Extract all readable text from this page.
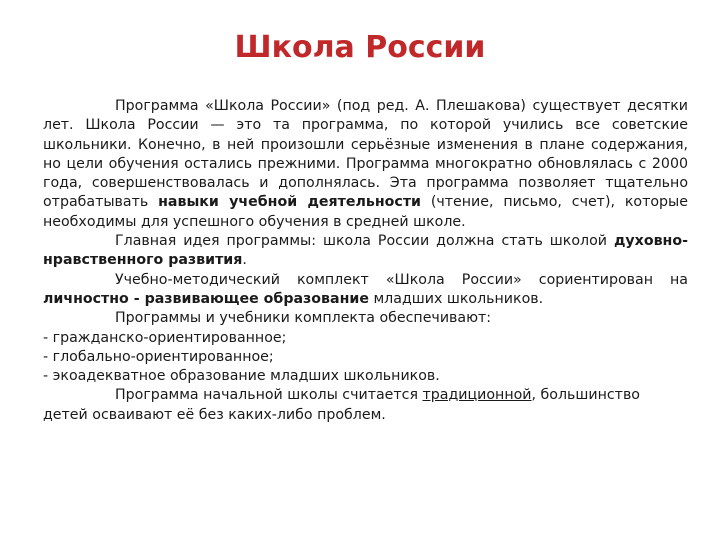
Школа России

Программа «Школа России» (под ред. А. Плешакова) существует десятки лет. Школа России — это та программа, по которой учились все советские школьники. Конечно, в ней произошли серьёзные изменения в плане содержания, но цели обучения остались прежними. Программа многократно обновлялась с 2000 года, совершенствовалась и дополнялась. Эта программа позволяет тщательно отрабатывать навыки учебной деятельности (чтение, письмо, счет), которые необходимы для успешного обучения в средней школе.

Главная идея программы: школа России должна стать школой духовно-нравственного развития.

Учебно-методический комплект «Школа России» сориентирован на личностно - развивающее образование младших школьников.

Программы и учебники комплекта обеспечивают:

- гражданско-ориентированное;

- глобально-ориентированное;

- экоадекватное образование младших школьников.

Программа начальной школы считается традиционной, большинство детей осваивают её без каких-либо проблем.
